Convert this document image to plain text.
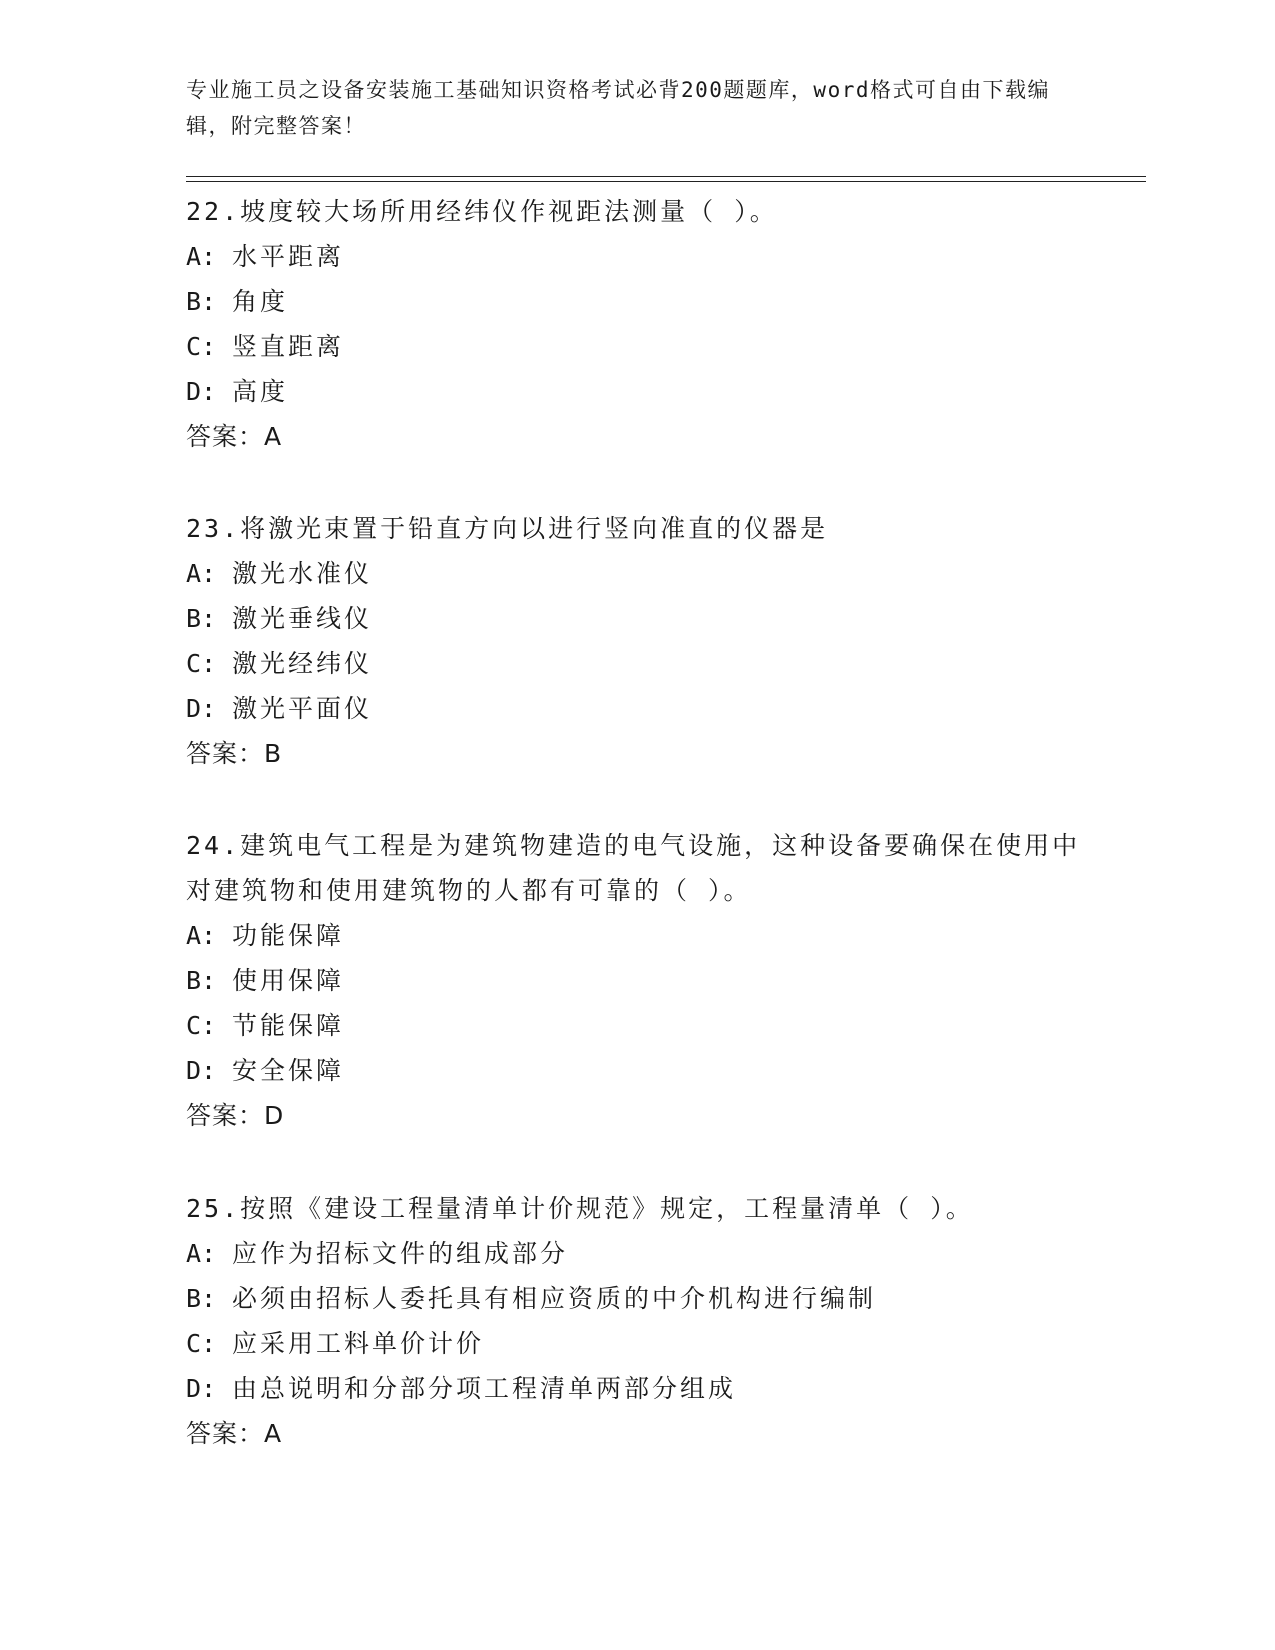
专业施工员之设备安装施工基础知识资格考试必背200题题库，word格式可自由下载编辑，附完整答案！
22.坡度较大场所用经纬仪作视距法测量（ ）。
A: 水平距离
B: 角度
C: 竖直距离
D: 高度
答案：A
23.将激光束置于铅直方向以进行竖向准直的仪器是
A: 激光水准仪
B: 激光垂线仪
C: 激光经纬仪
D: 激光平面仪
答案：B
24.建筑电气工程是为建筑物建造的电气设施，这种设备要确保在使用中对建筑物和使用建筑物的人都有可靠的（ ）。
A: 功能保障
B: 使用保障
C: 节能保障
D: 安全保障
答案：D
25.按照《建设工程量清单计价规范》规定，工程量清单（ ）。
A: 应作为招标文件的组成部分
B: 必须由招标人委托具有相应资质的中介机构进行编制
C: 应采用工料单价计价
D: 由总说明和分部分项工程清单两部分组成
答案：A
